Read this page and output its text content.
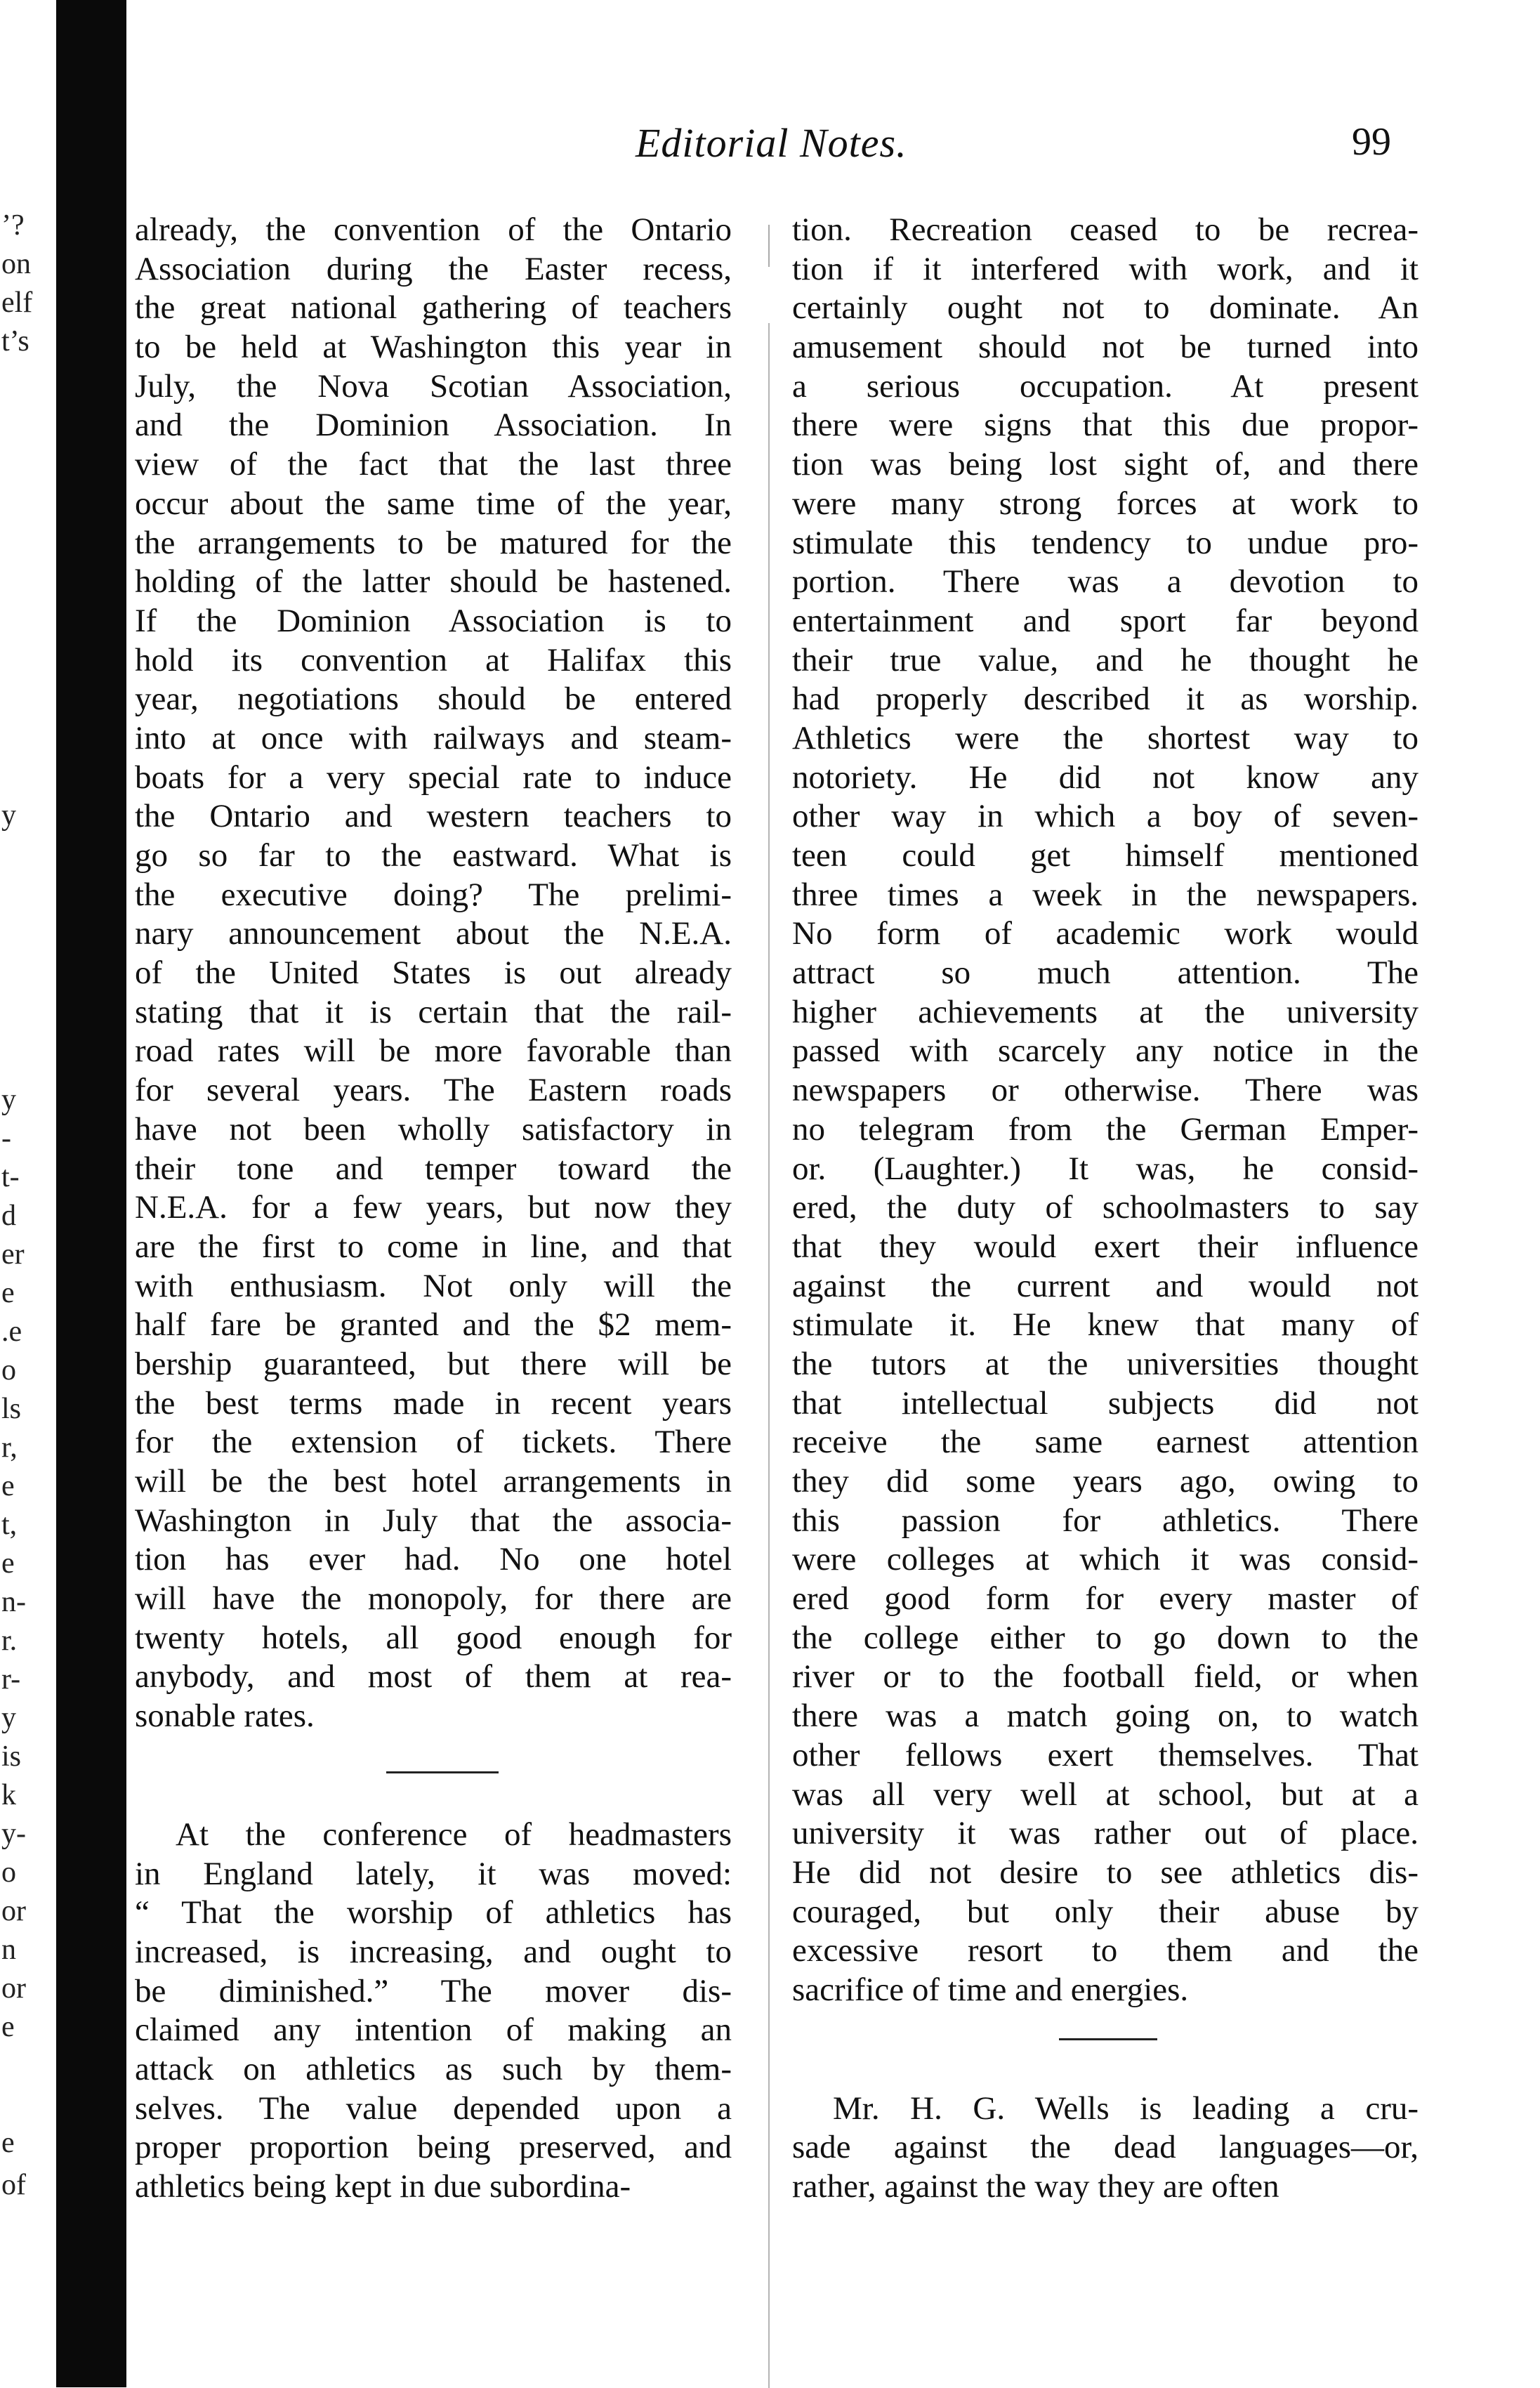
’?
on
elf
t’s
y
y
-
t-
d
er
e
.e
o
ls
r,
e
t,
e
n-
r.
r-
y
is
k
y-
o
or
n
or
e
e
of
Editorial Notes.	99
already, the convention of the Ontario
Association during the Easter recess,
the great national gathering of teachers
to be held at Washington this year in
July, the Nova Scotian Association,
and the Dominion Association. In
view of the fact that the last three
occur about the same time of the year,
the arrangements to be matured for the
holding of the latter should be hastened.
If the Dominion Association is to
hold its convention at Halifax this
year, negotiations should be entered
into at once with railways and steam-
boats for a very special rate to induce
the Ontario and western teachers to
go so far to the eastward. What is
the executive doing? The prelimi-
nary announcement about the N.E.A.
of the United States is out already
stating that it is certain that the rail-
road rates will be more favorable than
for several years. The Eastern roads
have not been wholly satisfactory in
their tone and temper toward the
N.E.A. for a few years, but now they
are the first to come in line, and that
with enthusiasm. Not only will the
half fare be granted and the $2 mem-
bership guaranteed, but there will be
the best terms made in recent years
for the extension of tickets. There
will be the best hotel arrangements in
Washington in July that the associa-
tion has ever had. No one hotel
will have the monopoly, for there are
twenty hotels, all good enough for
anybody, and most of them at rea-
sonable rates.
At the conference of headmasters
in England lately, it was moved:
“ That the worship of athletics has
increased, is increasing, and ought to
be diminished.” The mover dis-
claimed any intention of making an
attack on athletics as such by them-
selves. The value depended upon a
proper proportion being preserved, and
athletics being kept in due subordina-
tion. Recreation ceased to be recrea-
tion if it interfered with work, and it
certainly ought not to dominate. An
amusement should not be turned into
a serious occupation. At present
there were signs that this due propor-
tion was being lost sight of, and there
were many strong forces at work to
stimulate this tendency to undue pro-
portion. There was a devotion to
entertainment and sport far beyond
their true value, and he thought he
had properly described it as worship.
Athletics were the shortest way to
notoriety. He did not know any
other way in which a boy of seven-
teen could get himself mentioned
three times a week in the newspapers.
No form of academic work would
attract so much attention. The
higher achievements at the university
passed with scarcely any notice in the
newspapers or otherwise. There was
no telegram from the German Emper-
or. (Laughter.) It was, he consid-
ered, the duty of schoolmasters to say
that they would exert their influence
against the current and would not
stimulate it. He knew that many of
the tutors at the universities thought
that intellectual subjects did not
receive the same earnest attention
they did some years ago, owing to
this passion for athletics. There
were colleges at which it was consid-
ered good form for every master of
the college either to go down to the
river or to the football field, or when
there was a match going on, to watch
other fellows exert themselves. That
was all very well at school, but at a
university it was rather out of place.
He did not desire to see athletics dis-
couraged, but only their abuse by
excessive resort to them and the
sacrifice of time and energies.
Mr. H. G. Wells is leading a cru-
sade against the dead languages—or,
rather, against the way they are often
